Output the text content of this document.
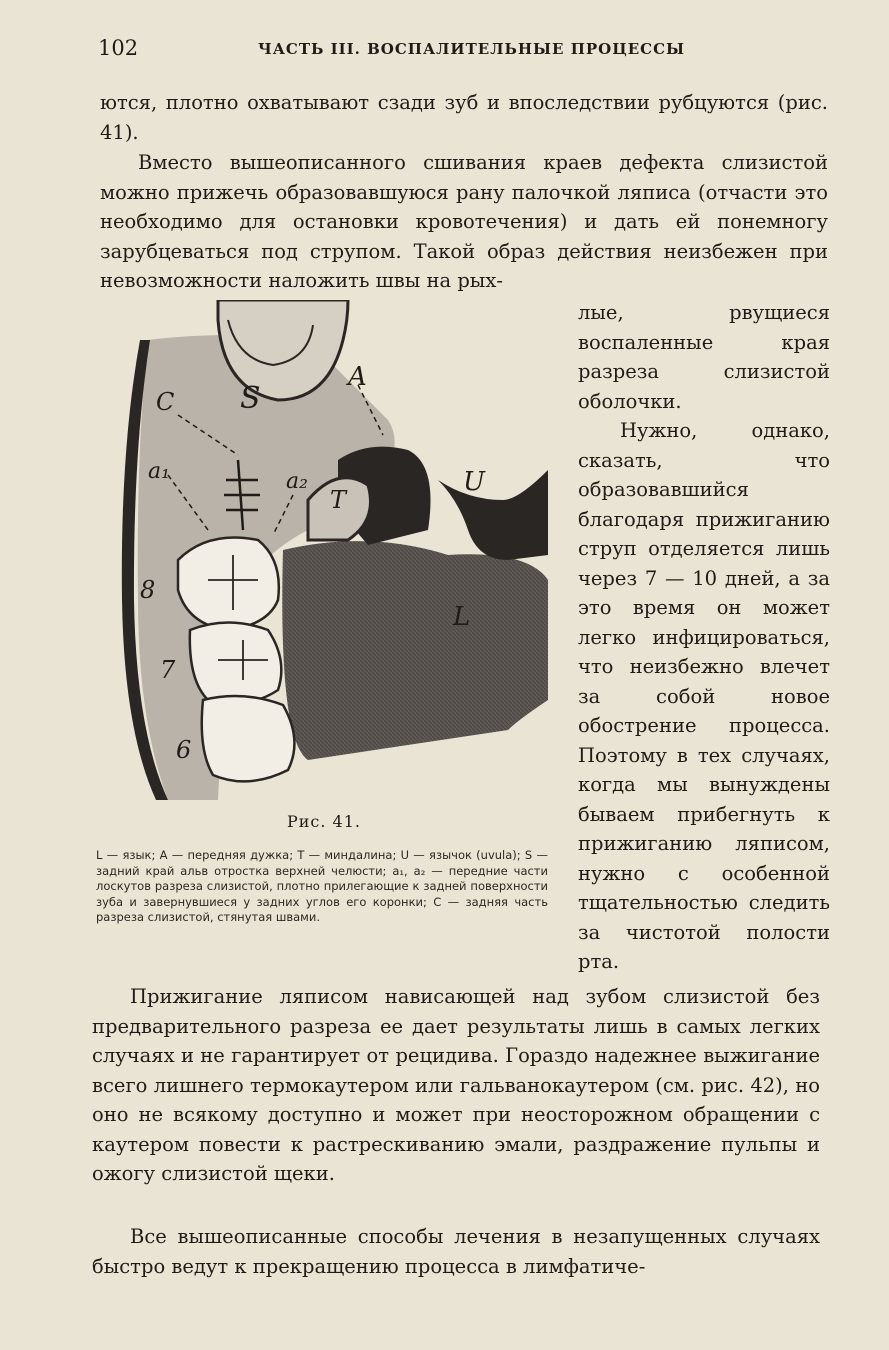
102	ЧАСТЬ III. ВОСПАЛИТЕЛЬНЫЕ ПРОЦЕССЫ

ются, плотно охватывают сзади зуб и впоследствии рубцуются (рис. 41).

Вместо вышеописанного сшивания краев дефекта слизистой можно прижечь образовавшуюся рану палочкой ляписа (отчасти это необходимо для остановки кровотечения) и дать ей понемногу зарубцеваться под струпом. Такой образ действия неизбежен при невозможности наложить швы на рых-

S
A
C
U
T
L
a₁	a₂
8
7
6
Рис. 41.
L — язык; A — передняя дужка; T — миндалина; U — язычок (uvula); S — задний край альв отростка верхней челюсти; a₁, a₂ — передние части лоскутов разреза слизистой, плотно прилегающие к задней поверхности зуба и завернувшиеся у задних углов его коронки; C — задняя часть разреза слизистой, стянутая швами.

лые, рвущиеся воспаленные края разреза слизистой оболочки.

Нужно, однако, сказать, что образовавшийся благодаря прижиганию струп отделяется лишь через 7 — 10 дней, а за это время он может легко инфицироваться, что неизбежно влечет за собой новое обострение процесса. Поэтому в тех случаях, когда мы вынуждены бываем прибегнуть к прижиганию ляписом, нужно с особенной тщательностью следить за чистотой полости рта.

Прижигание ляписом нависающей над зубом слизистой без предварительного разреза ее дает результаты лишь в самых легких случаях и не гарантирует от рецидива. Гораздо надежнее выжигание всего лишнего термокаутером или гальванокаутером (см. рис. 42), но оно не всякому доступно и может при неосторожном обращении с каутером повести к растрескиванию эмали, раздражение пульпы и ожогу слизистой щеки.

Все вышеописанные способы лечения в незапущенных случаях быстро ведут к прекращению процесса в лимфатиче-
